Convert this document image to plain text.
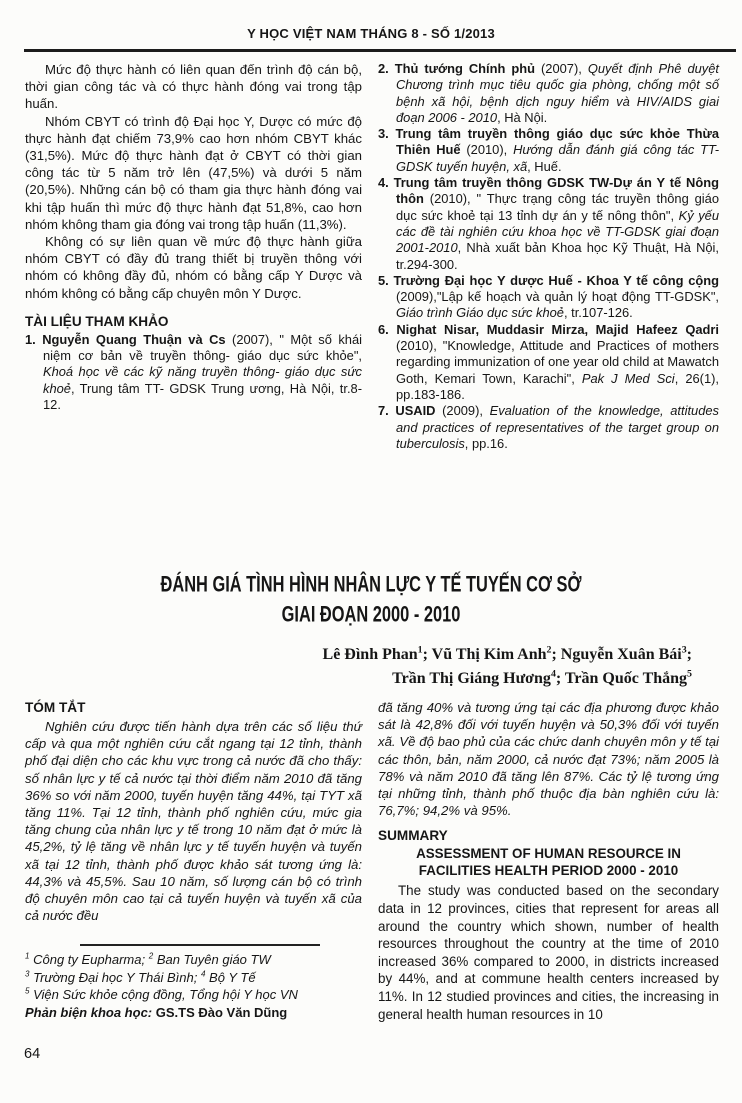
Y HỌC VIỆT NAM THÁNG 8 - SỐ 1/2013
Mức độ thực hành có liên quan đến trình độ cán bộ, thời gian công tác và có thực hành đóng vai trong tập huấn.
Nhóm CBYT có trình độ Đại học Y, Dược có mức độ thực hành đạt chiếm 73,9% cao hơn nhóm CBYT khác (31,5%). Mức độ thực hành đạt ở CBYT có thời gian công tác từ 5 năm trở lên (47,5%) và dưới 5 năm (20,5%). Những cán bộ có tham gia thực hành đóng vai khi tập huấn thì mức độ thực hành đạt 51,8%, cao hơn nhóm không tham gia đóng vai trong tập huấn (11,3%).
Không có sự liên quan về mức độ thực hành giữa nhóm CBYT có đầy đủ trang thiết bị truyền thông với nhóm có không đầy đủ, nhóm có bằng cấp Y Dược và nhóm không có bằng cấp chuyên môn Y Dược.
TÀI LIỆU THAM KHẢO
1. Nguyễn Quang Thuận và Cs (2007), " Một số khái niệm cơ bản về truyền thông- giáo dục sức khỏe", Khoá học về các kỹ năng truyền thông- giáo dục sức khoẻ, Trung tâm TT- GDSK Trung ương, Hà Nội, tr.8-12.
2. Thủ tướng Chính phủ (2007), Quyết định Phê duyệt Chương trình mục tiêu quốc gia phòng, chống một số bệnh xã hội, bệnh dịch nguy hiểm và HIV/AIDS giai đoạn 2006 - 2010, Hà Nội.
3. Trung tâm truyền thông giáo dục sức khỏe Thừa Thiên Huế (2010), Hướng dẫn đánh giá công tác TT-GDSK tuyến huyện, xã, Huế.
4. Trung tâm truyền thông GDSK TW-Dự án Y tế Nông thôn (2010), " Thực trạng công tác truyền thông giáo dục sức khoẻ tại 13 tỉnh dự án y tế nông thôn", Kỷ yếu các đề tài nghiên cứu khoa học về TT-GDSK giai đoạn 2001-2010, Nhà xuất bản Khoa học Kỹ Thuật, Hà Nội, tr.294-300.
5. Trường Đại học Y dược Huế - Khoa Y tế công cộng (2009),"Lập kế hoạch và quản lý hoạt động TT-GDSK", Giáo trình Giáo dục sức khoẻ, tr.107-126.
6. Nighat Nisar, Muddasir Mirza, Majid Hafeez Qadri (2010), "Knowledge, Attitude and Practices of mothers regarding immunization of one year old child at Mawatch Goth, Kemari Town, Karachi", Pak J Med Sci, 26(1), pp.183-186.
7. USAID (2009), Evaluation of the knowledge, attitudes and practices of representatives of the target group on tuberculosis, pp.16.
ĐÁNH GIÁ TÌNH HÌNH NHÂN LỰC Y TẾ TUYẾN CƠ SỞ
GIAI ĐOẠN 2000 - 2010
Lê Đình Phan$^1$; Vũ Thị Kim Anh$^2$; Nguyễn Xuân Bái$^3$;
Trần Thị Giáng Hương$^4$; Trần Quốc Thắng$^5$
TÓM TẮT
Nghiên cứu được tiến hành dựa trên các số liệu thứ cấp và qua một nghiên cứu cắt ngang tại 12 tỉnh, thành phố đại diện cho các khu vực trong cả nước đã cho thấy: số nhân lực y tế cả nước tại thời điểm năm 2010 đã tăng 36% so với năm 2000, tuyến huyện tăng 44%, tại TYT xã tăng 11%. Tại 12 tỉnh, thành phố nghiên cứu, mức gia tăng chung của nhân lực y tế trong 10 năm đạt ở mức là 45,2%, tỷ lệ tăng về nhân lực y tế tuyến huyện và tuyến xã tại 12 tỉnh, thành phố được khảo sát tương ứng là: 44,3% và 45,5%. Sau 10 năm, số lượng cán bộ có trình độ chuyên môn cao tại cả tuyến huyện và tuyến xã của cả nước đều
đã tăng 40% và tương ứng tại các địa phương được khảo sát là 42,8% đối với tuyến huyện và 50,3% đối với tuyến xã. Về độ bao phủ của các chức danh chuyên môn y tế tại các thôn, bản, năm 2000, cả nước đạt 73%; năm 2005 là 78% và năm 2010 đã tăng lên 87%. Các tỷ lệ tương ứng tại những tỉnh, thành phố thuộc địa bàn nghiên cứu là: 76,7%; 94,2% và 95%.
SUMMARY
ASSESSMENT OF HUMAN RESOURCE IN FACILITIES HEALTH PERIOD 2000 - 2010
The study was conducted based on the secondary data in 12 provinces, cities that represent for areas all around the country which shown, number of health resources throughout the country at the time of 2010 increased 36% compared to 2000, in districts increased by 44%, and at commune health centers increased by 11%. In 12 studied provinces and cities, the increasing in general health human resources in 10
$^1$ Công ty Eupharma; $^2$ Ban Tuyên giáo TW
$^3$ Trường Đại học Y Thái Bình; $^4$ Bộ Y Tế
$^5$ Viện Sức khỏe cộng đồng, Tổng hội Y học VN
Phản biện khoa học: GS.TS Đào Văn Dũng
64
